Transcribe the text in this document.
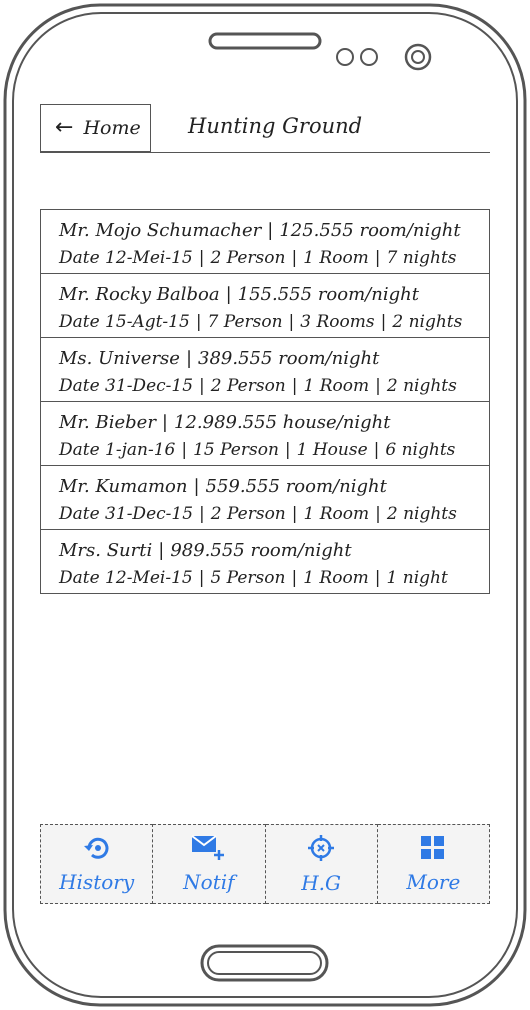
← Home Hunting Ground
Mr. Mojo Schumacher | 125.555 room/night
Date 12-Mei-15 | 2 Person | 1 Room | 7 nights
Mr. Rocky Balboa | 155.555 room/night
Date 15-Agt-15 | 7 Person | 3 Rooms | 2 nights
Ms. Universe | 389.555 room/night
Date 31-Dec-15 | 2 Person | 1 Room | 2 nights
Mr. Bieber | 12.989.555 house/night
Date 1-jan-16 | 15 Person | 1 House | 6 nights
Mr. Kumamon | 559.555 room/night
Date 31-Dec-15 | 2 Person | 1 Room | 2 nights
Mrs. Surti | 989.555 room/night
Date 12-Mei-15 | 5 Person | 1 Room | 1 night
History Notif	H.G	More
